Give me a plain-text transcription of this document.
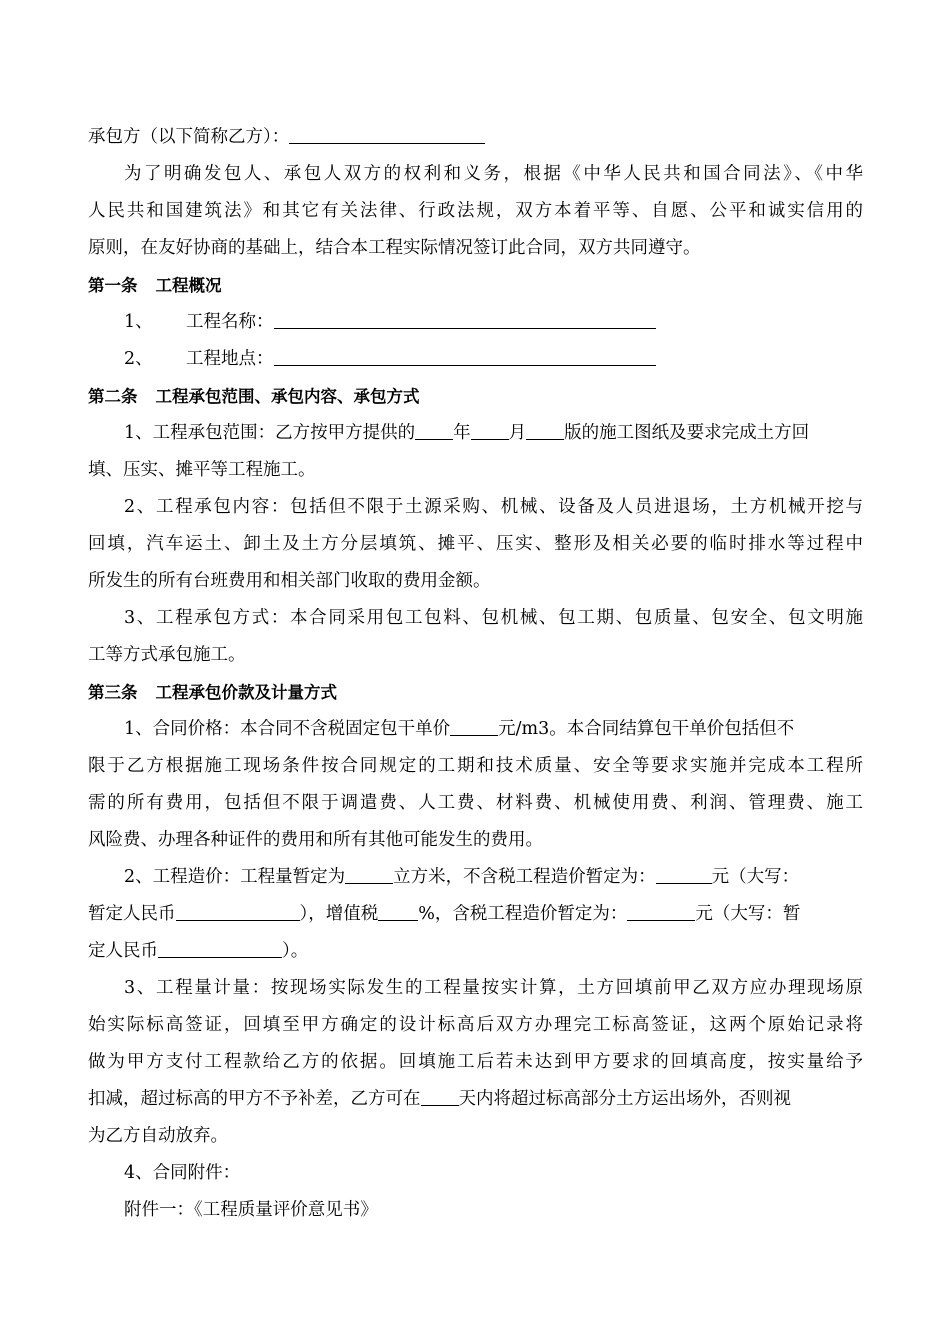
承包方（以下简称乙方）：
为了明确发包人、承包人双方的权利和义务，根据《中华人民共和国合同法》、《中华
人民共和国建筑法》和其它有关法律、行政法规，双方本着平等、自愿、公平和诚实信用的
原则，在友好协商的基础上，结合本工程实际情况签订此合同，双方共同遵守。
第一条 工程概况
1、 工程名称：
2、 工程地点：
第二条 工程承包范围、承包内容、承包方式
1、工程承包范围：乙方按甲方提供的 年 月 版的施工图纸及要求完成土方回
填、压实、摊平等工程施工。
2、工程承包内容：包括但不限于土源采购、机械、设备及人员进退场，土方机械开挖与
回填，汽车运土、卸土及土方分层填筑、摊平、压实、整形及相关必要的临时排水等过程中
所发生的所有台班费用和相关部门收取的费用金额。
3、工程承包方式：本合同采用包工包料、包机械、包工期、包质量、包安全、包文明施
工等方式承包施工。
第三条 工程承包价款及计量方式
1、合同价格：本合同不含税固定包干单价	元/m3。本合同结算包干单价包括但不
限于乙方根据施工现场条件按合同规定的工期和技术质量、安全等要求实施并完成本工程所
需的所有费用，包括但不限于调遣费、人工费、材料费、机械使用费、利润、管理费、施工
风险费、办理各种证件的费用和所有其他可能发生的费用。
2、工程造价：工程量暂定为	立方米，不含税工程造价暂定为：	元（大写：
暂定人民币	），增值税 %，含税工程造价暂定为：	元（大写：暂
定人民币	）。
3、工程量计量：按现场实际发生的工程量按实计算，土方回填前甲乙双方应办理现场原
始实际标高签证，回填至甲方确定的设计标高后双方办理完工标高签证，这两个原始记录将
做为甲方支付工程款给乙方的依据。回填施工后若未达到甲方要求的回填高度，按实量给予
扣减，超过标高的甲方不予补差，乙方可在 天内将超过标高部分土方运出场外，否则视
为乙方自动放弃。
4、合同附件：
附件一：《工程质量评价意见书》
